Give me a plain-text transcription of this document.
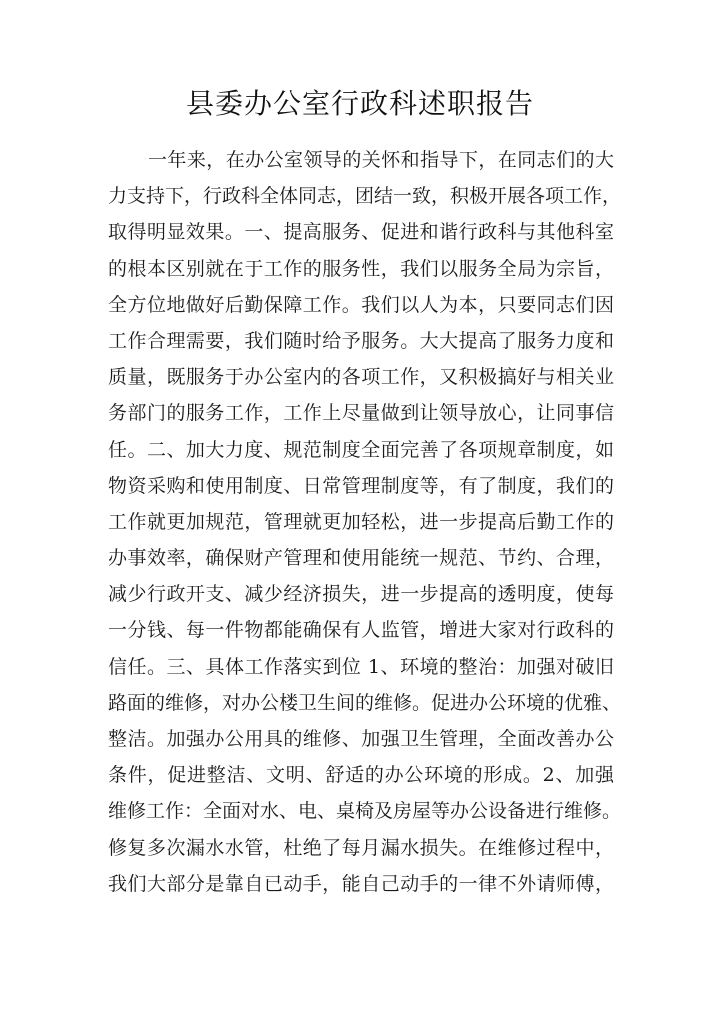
县委办公室行政科述职报告
一年来，在办公室领导的关怀和指导下，在同志们的大
力支持下，行政科全体同志，团结一致，积极开展各项工作，
取得明显效果。一、提高服务、促进和谐行政科与其他科室
的根本区别就在于工作的服务性，我们以服务全局为宗旨，
全方位地做好后勤保障工作。我们以人为本，只要同志们因
工作合理需要，我们随时给予服务。大大提高了服务力度和
质量，既服务于办公室内的各项工作，又积极搞好与相关业
务部门的服务工作，工作上尽量做到让领导放心，让同事信
任。二、加大力度、规范制度全面完善了各项规章制度，如
物资采购和使用制度、日常管理制度等，有了制度，我们的
工作就更加规范，管理就更加轻松，进一步提高后勤工作的
办事效率，确保财产管理和使用能统一规范、节约、合理，
减少行政开支、减少经济损失，进一步提高的透明度，使每
一分钱、每一件物都能确保有人监管，增进大家对行政科的
信任。三、具体工作落实到位 1、环境的整治：加强对破旧
路面的维修，对办公楼卫生间的维修。促进办公环境的优雅、
整洁。加强办公用具的维修、加强卫生管理，全面改善办公
条件，促进整洁、文明、舒适的办公环境的形成。2、加强
维修工作：全面对水、电、桌椅及房屋等办公设备进行维修。
修复多次漏水水管，杜绝了每月漏水损失。在维修过程中，
我们大部分是靠自已动手，能自己动手的一律不外请师傅，
